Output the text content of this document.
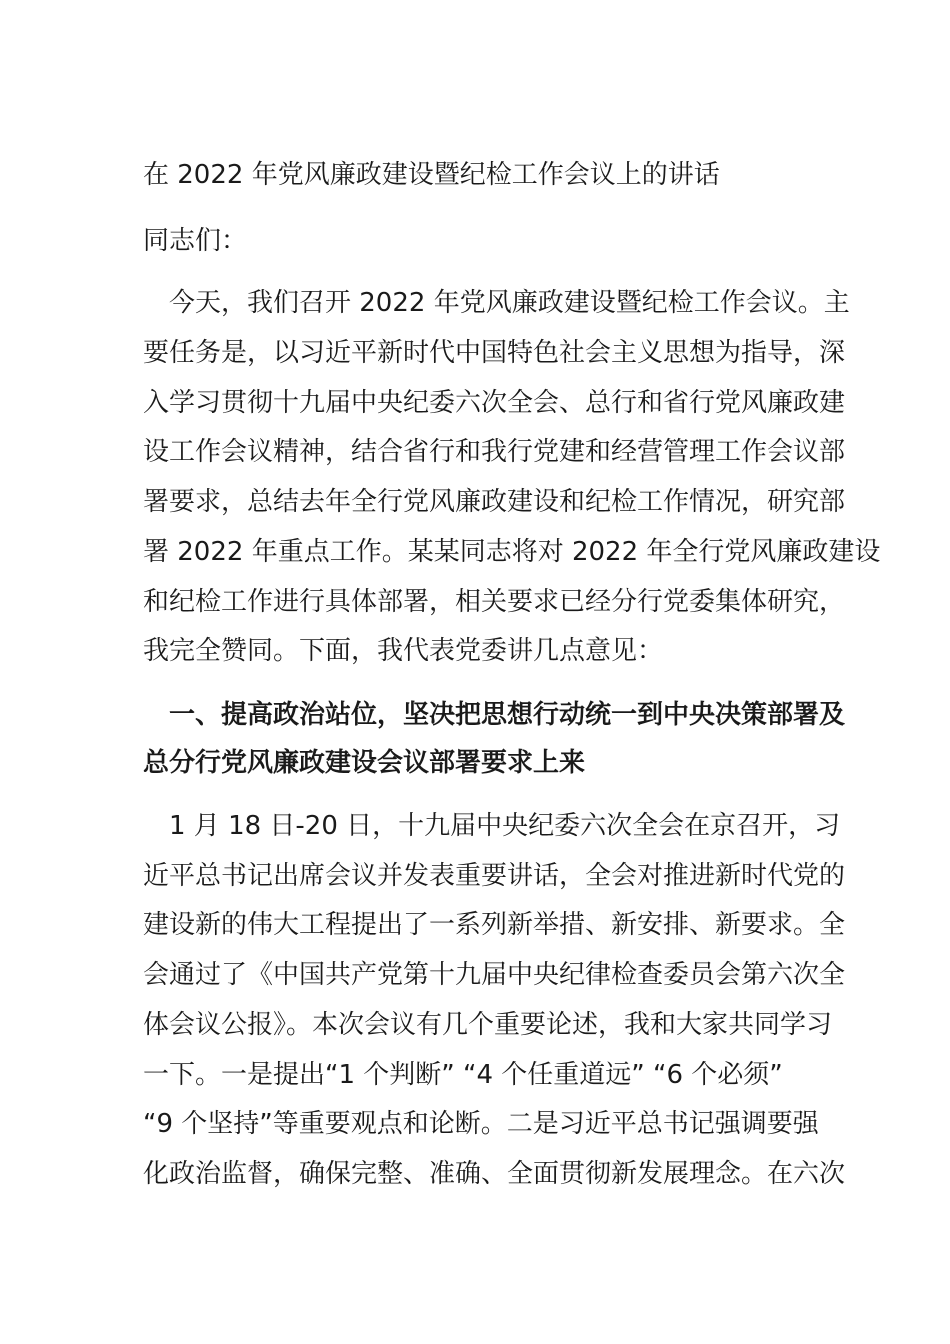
在 2022 年党风廉政建设暨纪检工作会议上的讲话
同志们：
　今天，我们召开 2022 年党风廉政建设暨纪检工作会议。主
要任务是，以习近平新时代中国特色社会主义思想为指导，深
入学习贯彻十九届中央纪委六次全会、总行和省行党风廉政建
设工作会议精神，结合省行和我行党建和经营管理工作会议部
署要求，总结去年全行党风廉政建设和纪检工作情况，研究部
署 2022 年重点工作。某某同志将对 2022 年全行党风廉政建设
和纪检工作进行具体部署，相关要求已经分行党委集体研究，
我完全赞同。下面，我代表党委讲几点意见：
　一、提高政治站位，坚决把思想行动统一到中央决策部署及
总分行党风廉政建设会议部署要求上来
　1 月 18 日-20 日，十九届中央纪委六次全会在京召开，习
近平总书记出席会议并发表重要讲话，全会对推进新时代党的
建设新的伟大工程提出了一系列新举措、新安排、新要求。全
会通过了《中国共产党第十九届中央纪律检查委员会第六次全
体会议公报》。本次会议有几个重要论述，我和大家共同学习
一下。一是提出“1 个判断” “4 个任重道远” “6 个必须”
“9 个坚持”等重要观点和论断。二是习近平总书记强调要强
化政治监督，确保完整、准确、全面贯彻新发展理念。在六次
